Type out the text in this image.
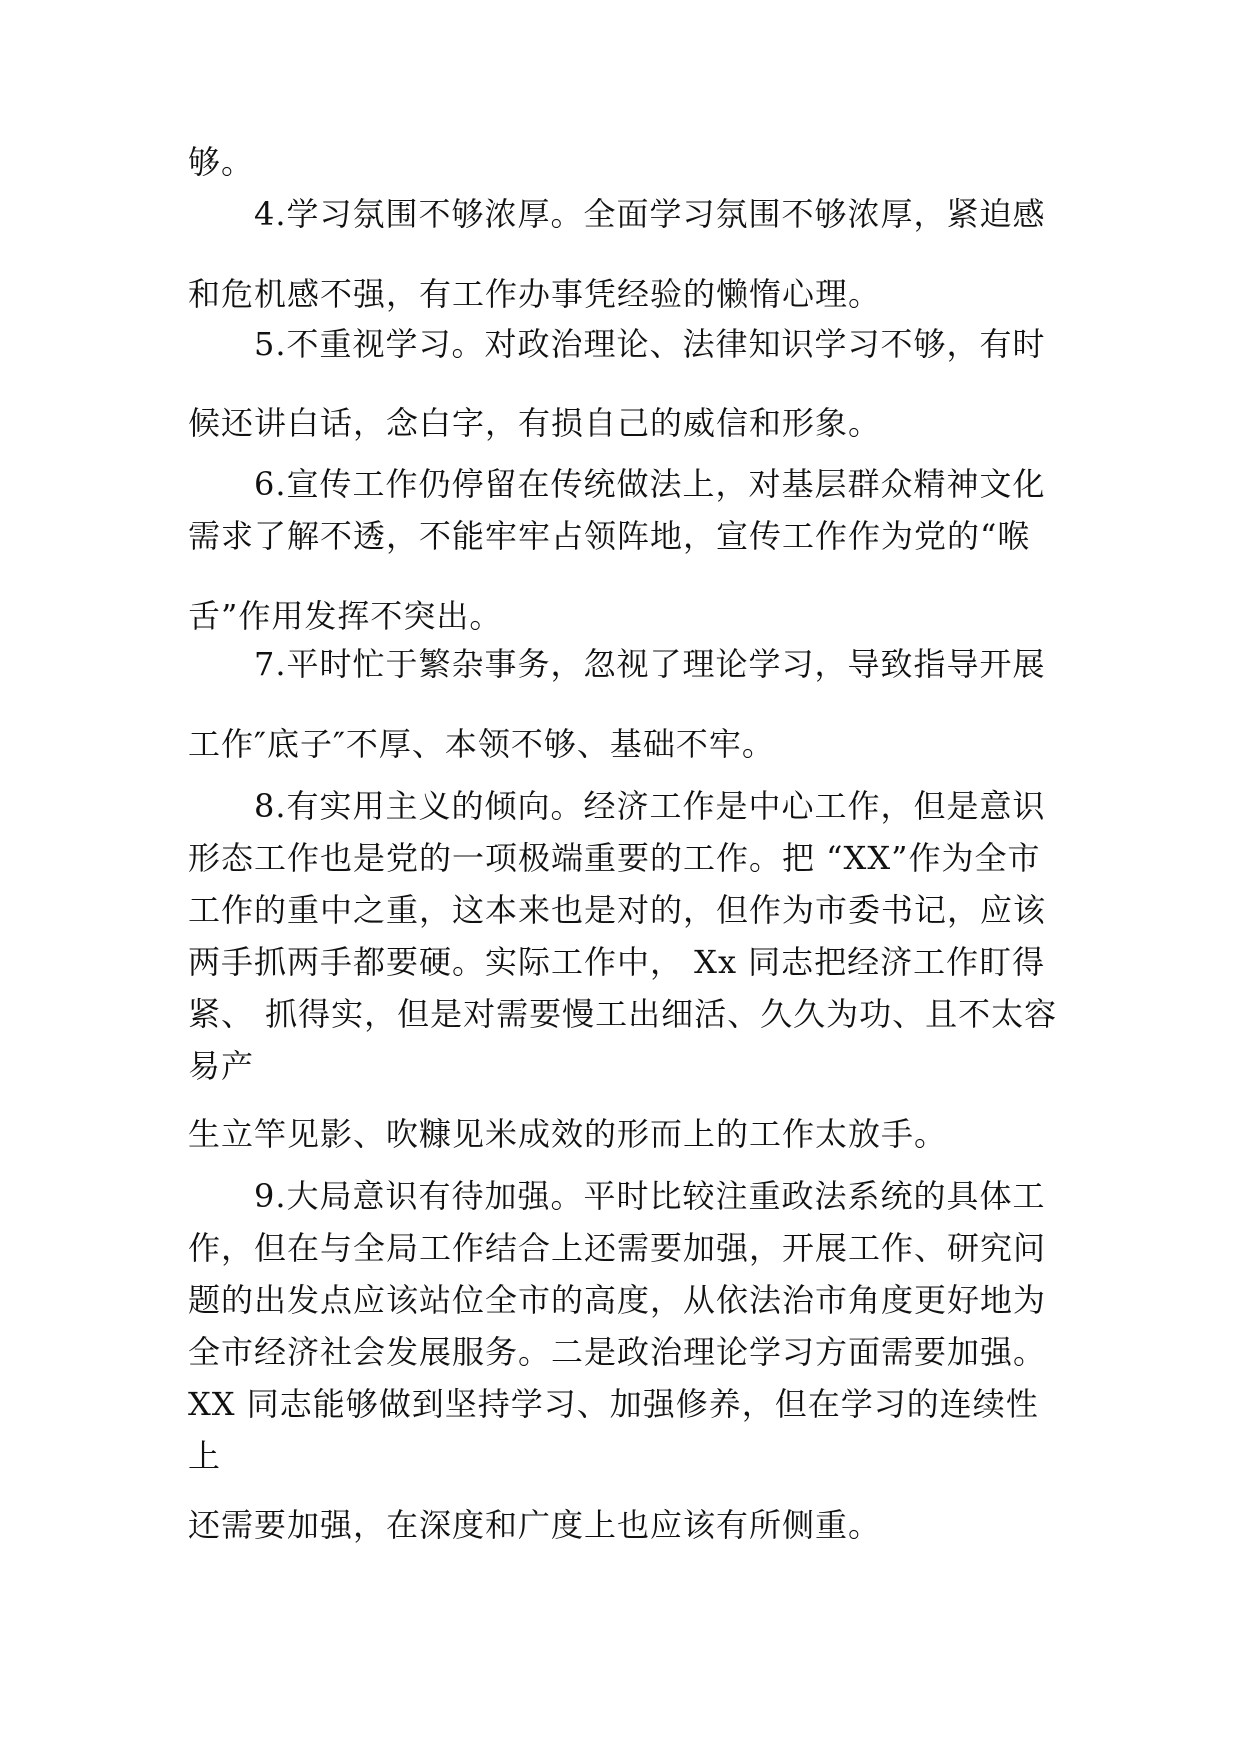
够。
4.学习氛围不够浓厚。全面学习氛围不够浓厚，紧迫感
和危机感不强，有工作办事凭经验的懒惰心理。
5.不重视学习。对政治理论、法律知识学习不够，有时
候还讲白话，念白字，有损自己的威信和形象。
6.宣传工作仍停留在传统做法上，对基层群众精神文化
需求了解不透，不能牢牢占领阵地，宣传工作作为党的“喉
舌”作用发挥不突出。
7.平时忙于繁杂事务，忽视了理论学习，导致指导开展
工作″底子″不厚、本领不够、基础不牢。
8.有实用主义的倾向。经济工作是中心工作，但是意识
形态工作也是党的一项极端重要的工作。把 “XX”作为全市
工作的重中之重，这本来也是对的，但作为市委书记，应该
两手抓两手都要硬。实际工作中， Xx 同志把经济工作盯得
紧、 抓得实，但是对需要慢工出细活、久久为功、且不太容
易产
生立竿见影、吹糠见米成效的形而上的工作太放手。
9.大局意识有待加强。平时比较注重政法系统的具体工
作，但在与全局工作结合上还需要加强，开展工作、研究问
题的出发点应该站位全市的高度，从依法治市角度更好地为
全市经济社会发展服务。二是政治理论学习方面需要加强。
XX 同志能够做到坚持学习、加强修养，但在学习的连续性
上
还需要加强，在深度和广度上也应该有所侧重。
